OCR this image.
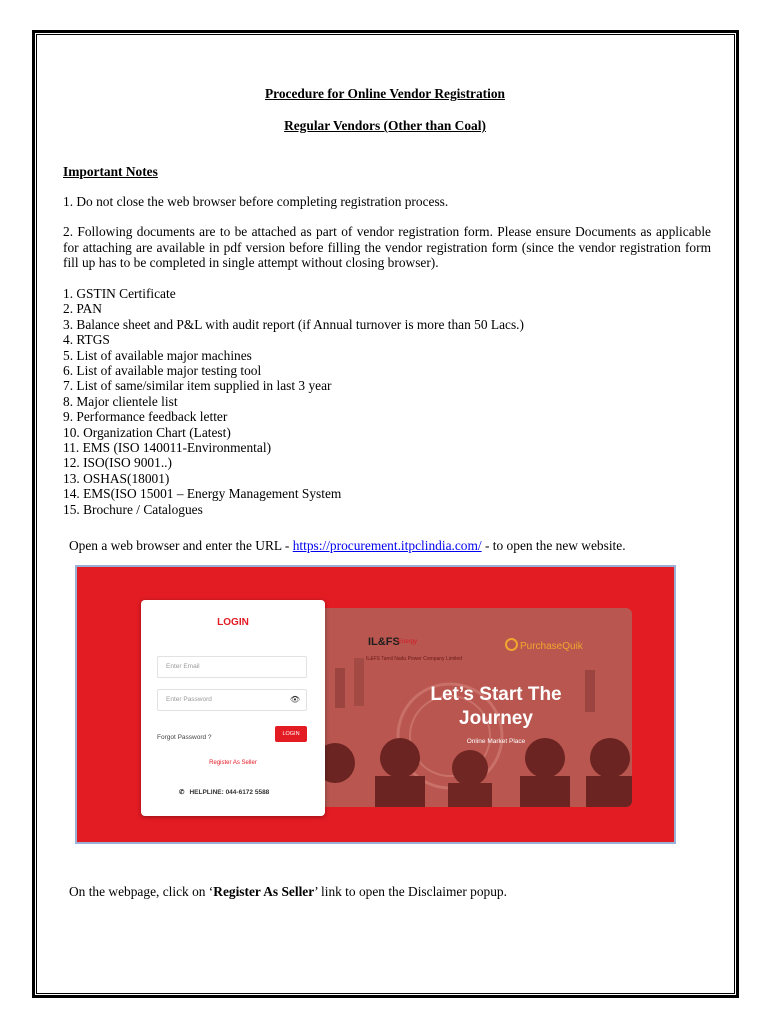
Procedure for Online Vendor Registration
Regular Vendors (Other than Coal)
Important Notes
1. Do not close the web browser before completing registration process.
2. Following documents are to be attached as part of vendor registration form. Please ensure Documents as applicable for attaching are available in pdf version before filling the vendor registration form (since the vendor registration form fill up has to be completed in single attempt without closing browser).
1. GSTIN Certificate
2. PAN
3. Balance sheet and P&L with audit report (if Annual turnover is more than 50 Lacs.)
4. RTGS
5. List of available major machines
6. List of available major testing tool
7. List of same/similar item supplied in last 3 year
8. Major clientele list
9. Performance feedback letter
10. Organization Chart (Latest)
11. EMS (ISO 140011-Environmental)
12. ISO(ISO 9001..)
13. OSHAS(18001)
14. EMS(ISO 15001 – Energy Management System
15. Brochure / Catalogues
Open a web browser and enter the URL - https://procurement.itpclindia.com/ - to open the new website.
IL&FS
Energy
IL&FS Tamil Nadu Power Company Limited
PurchaseQuik
Let’s Start The
Journey
Online Market Place
LOGIN
Enter Email
Enter Password	👁
Forgot Password ?	LOGIN
Register As Seller
✆ HELPLINE: 044-6172 5588
On the webpage, click on ‘Register As Seller’ link to open the Disclaimer popup.
